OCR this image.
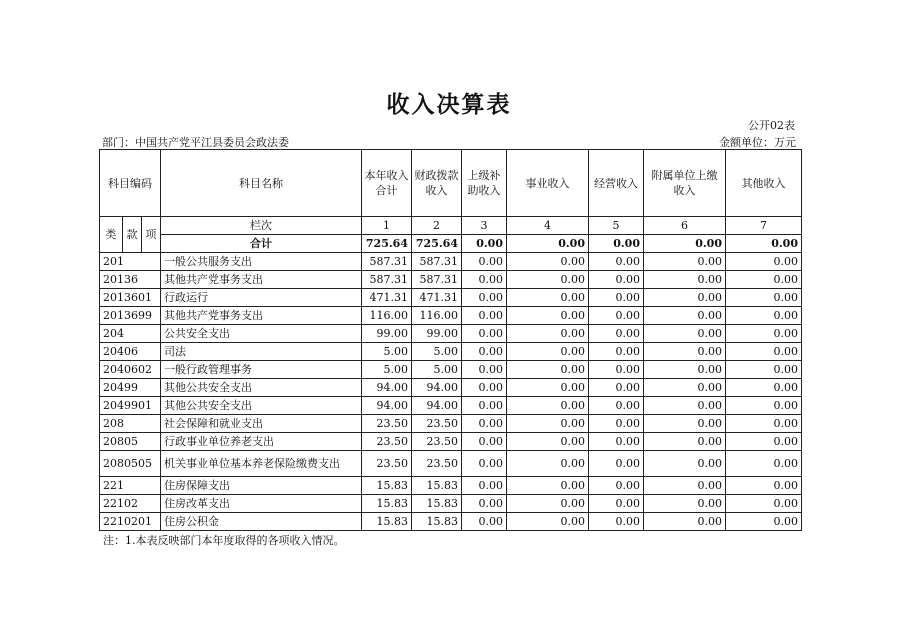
收入决算表
公开02表
部门：中国共产党平江县委员会政法委	金额单位：万元
科目编码			科目名称	本年收入合计	财政拨款收入	上级补助收入	事业收入	经营收入	附属单位上缴收入	其他收入
类	款	项	栏次	1	2	3	4	5	6	7
			合计	725.64	725.64	0.00	0.00	0.00	0.00	0.00
201			一般公共服务支出	587.31	587.31	0.00	0.00	0.00	0.00	0.00
20136			其他共产党事务支出	587.31	587.31	0.00	0.00	0.00	0.00	0.00
2013601			行政运行	471.31	471.31	0.00	0.00	0.00	0.00	0.00
2013699			其他共产党事务支出	116.00	116.00	0.00	0.00	0.00	0.00	0.00
204			公共安全支出	99.00	99.00	0.00	0.00	0.00	0.00	0.00
20406			司法	5.00	5.00	0.00	0.00	0.00	0.00	0.00
2040602			一般行政管理事务	5.00	5.00	0.00	0.00	0.00	0.00	0.00
20499			其他公共安全支出	94.00	94.00	0.00	0.00	0.00	0.00	0.00
2049901			其他公共安全支出	94.00	94.00	0.00	0.00	0.00	0.00	0.00
208			社会保障和就业支出	23.50	23.50	0.00	0.00	0.00	0.00	0.00
20805			行政事业单位养老支出	23.50	23.50	0.00	0.00	0.00	0.00	0.00
2080505			机关事业单位基本养老保险缴费支出	23.50	23.50	0.00	0.00	0.00	0.00	0.00
221			住房保障支出	15.83	15.83	0.00	0.00	0.00	0.00	0.00
22102			住房改革支出	15.83	15.83	0.00	0.00	0.00	0.00	0.00
2210201			住房公积金	15.83	15.83	0.00	0.00	0.00	0.00	0.00
注：1.本表反映部门本年度取得的各项收入情况。
